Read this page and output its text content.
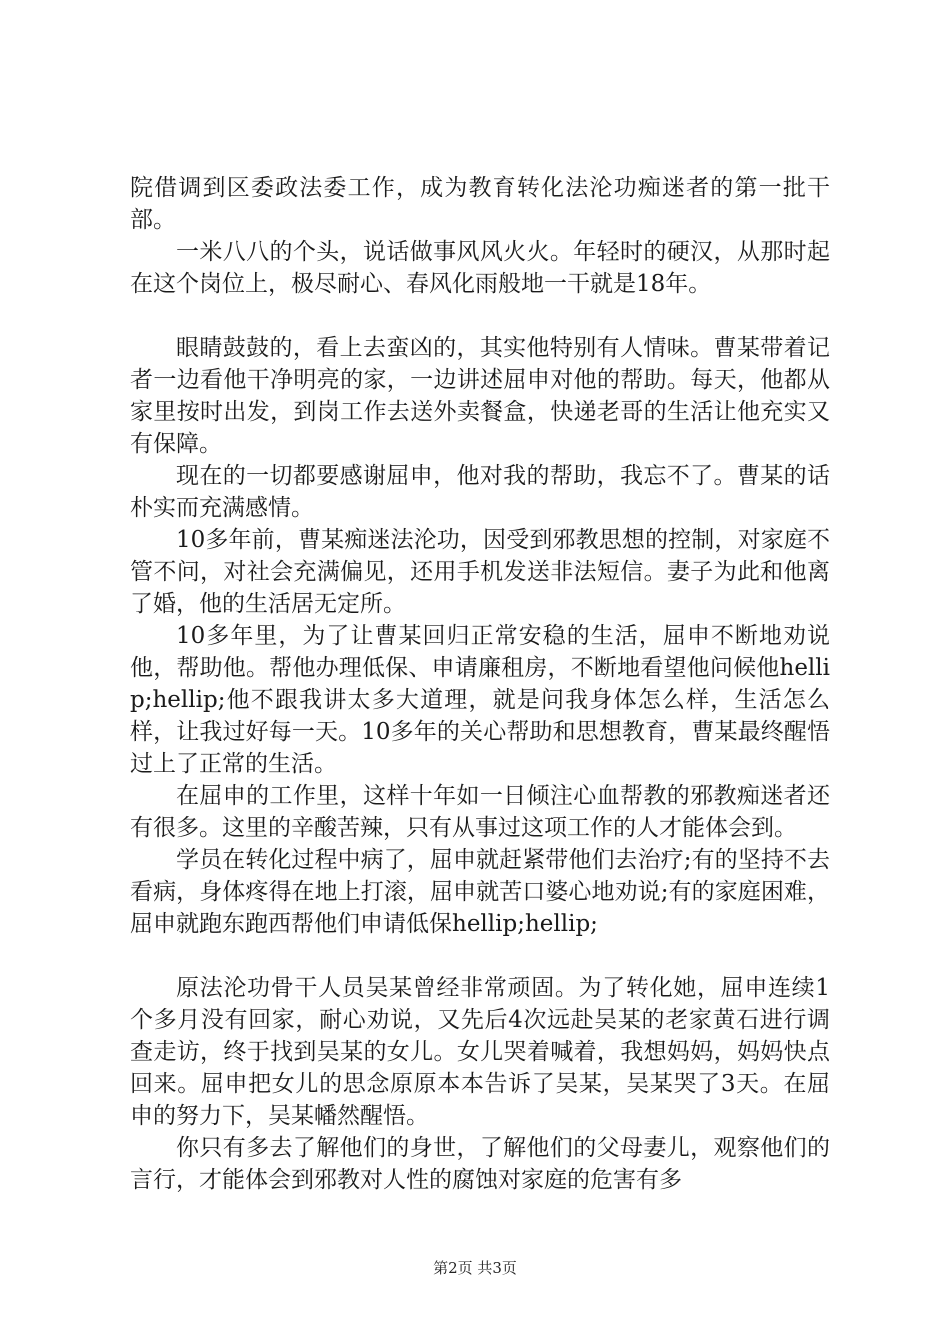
院借调到区委政法委工作，成为教育转化法沦功痴迷者的第一批干部。

一米八八的个头，说话做事风风火火。年轻时的硬汉，从那时起在这个岗位上，极尽耐心、春风化雨般地一干就是18年。

眼睛鼓鼓的，看上去蛮凶的，其实他特别有人情味。曹某带着记者一边看他干净明亮的家，一边讲述屈申对他的帮助。每天，他都从家里按时出发，到岗工作去送外卖餐盒，快递老哥的生活让他充实又有保障。

现在的一切都要感谢屈申，他对我的帮助，我忘不了。曹某的话朴实而充满感情。

10多年前，曹某痴迷法沦功，因受到邪教思想的控制，对家庭不管不问，对社会充满偏见，还用手机发送非法短信。妻子为此和他离了婚，他的生活居无定所。

10多年里，为了让曹某回归正常安稳的生活，屈申不断地劝说他，帮助他。帮他办理低保、申请廉租房，不断地看望他问候他hellip;hellip;他不跟我讲太多大道理，就是问我身体怎么样，生活怎么样，让我过好每一天。10多年的关心帮助和思想教育，曹某最终醒悟过上了正常的生活。

在屈申的工作里，这样十年如一日倾注心血帮教的邪教痴迷者还有很多。这里的辛酸苦辣，只有从事过这项工作的人才能体会到。

学员在转化过程中病了，屈申就赶紧带他们去治疗;有的坚持不去看病，身体疼得在地上打滚，屈申就苦口婆心地劝说;有的家庭困难，屈申就跑东跑西帮他们申请低保hellip;hellip;

原法沦功骨干人员吴某曾经非常顽固。为了转化她，屈申连续1个多月没有回家，耐心劝说，又先后4次远赴吴某的老家黄石进行调查走访，终于找到吴某的女儿。女儿哭着喊着，我想妈妈，妈妈快点回来。屈申把女儿的思念原原本本告诉了吴某，吴某哭了3天。在屈申的努力下，吴某幡然醒悟。

你只有多去了解他们的身世，了解他们的父母妻儿，观察他们的言行，才能体会到邪教对人性的腐蚀对家庭的危害有多

第2页 共3页
